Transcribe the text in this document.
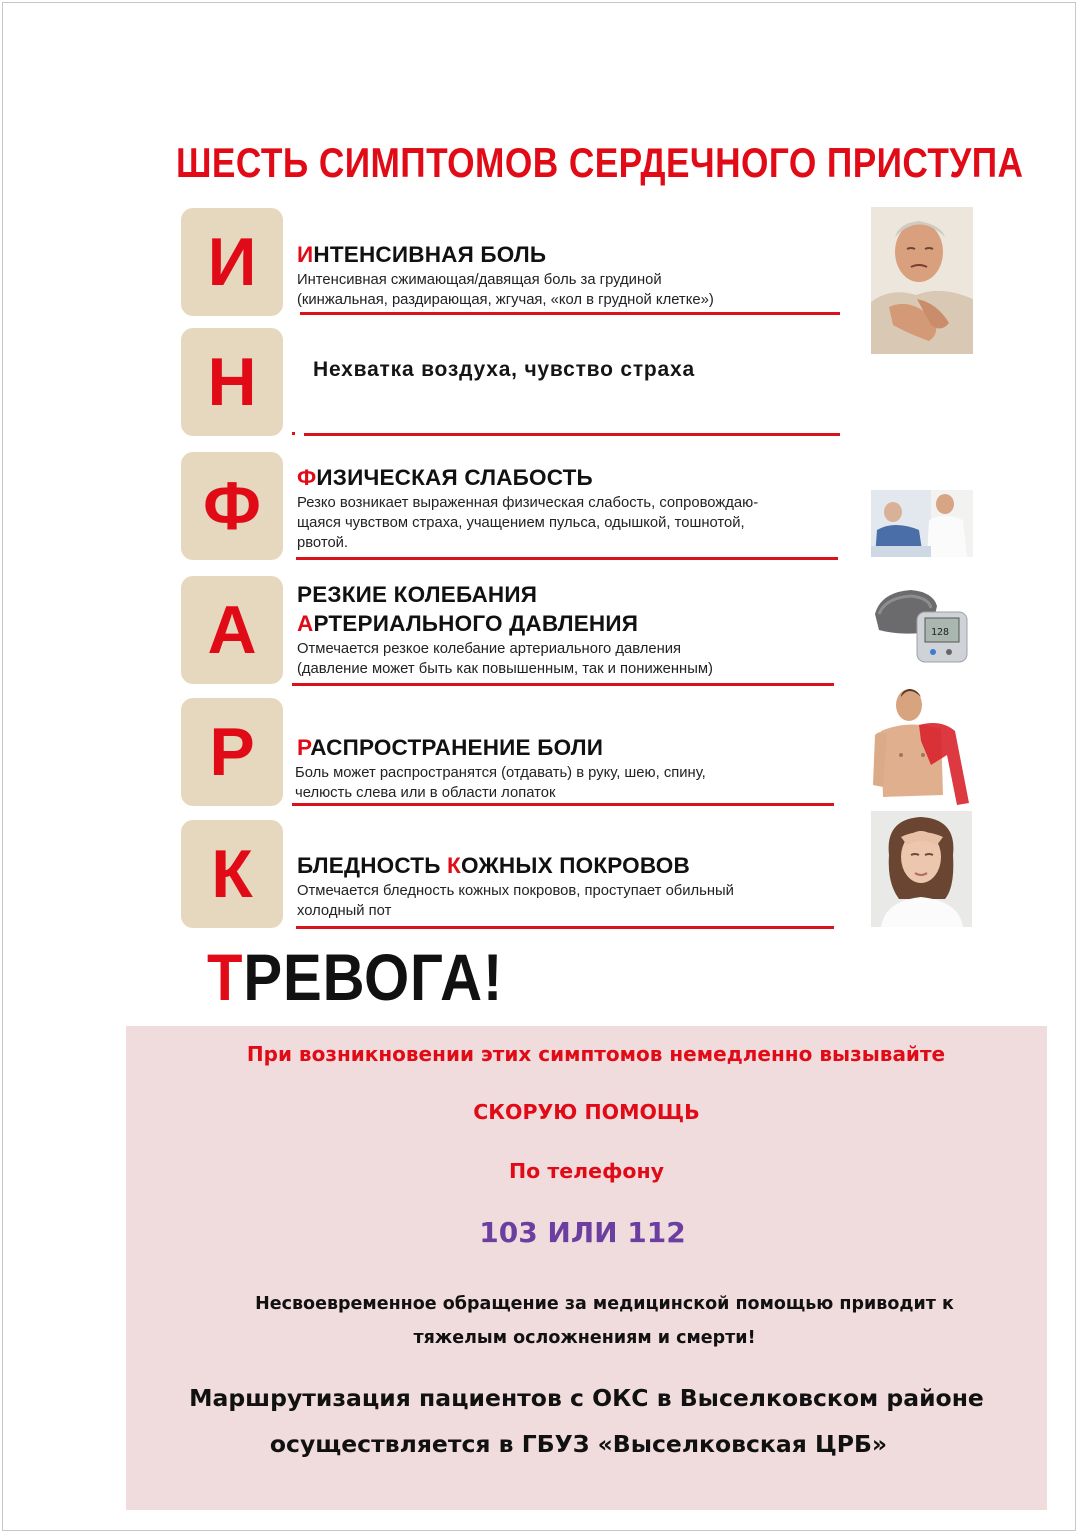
ШЕСТЬ СИМПТОМОВ СЕРДЕЧНОГО ПРИСТУПА
И
Н
Ф
А
Р
К
ИНТЕНСИВНАЯ БОЛЬ
Интенсивная сжимающая/давящая боль за грудиной
(кинжальная, раздирающая, жгучая, «кол в грудной клетке»)
Нехватка воздуха, чувство страха
ФИЗИЧЕСКАЯ СЛАБОСТЬ
Резко возникает выраженная физическая слабость, сопровождаю-
щаяся чувством страха, учащением пульса, одышкой, тошнотой,
рвотой.
РЕЗКИЕ КОЛЕБАНИЯ
АРТЕРИАЛЬНОГО ДАВЛЕНИЯ
Отмечается резкое колебание артериального давления
(давление может быть как повышенным, так и пониженным)
РАСПРОСТРАНЕНИЕ БОЛИ
Боль может распространятся (отдавать) в руку, шею, спину,
челюсть слева или в области лопаток
БЛЕДНОСТЬ КОЖНЫХ ПОКРОВОВ
Отмечается бледность кожных покровов, проступает обильный
холодный пот
128
ТРЕВОГА!
При возникновении этих симптомов немедленно вызывайте
СКОРУЮ ПОМОЩЬ
По телефону
103 ИЛИ 112
Несвоевременное обращение за медицинской помощью приводит к
тяжелым осложнениям и смерти!
Маршрутизация пациентов с ОКС в Выселковском районе
осуществляется в ГБУЗ «Выселковская ЦРБ»
